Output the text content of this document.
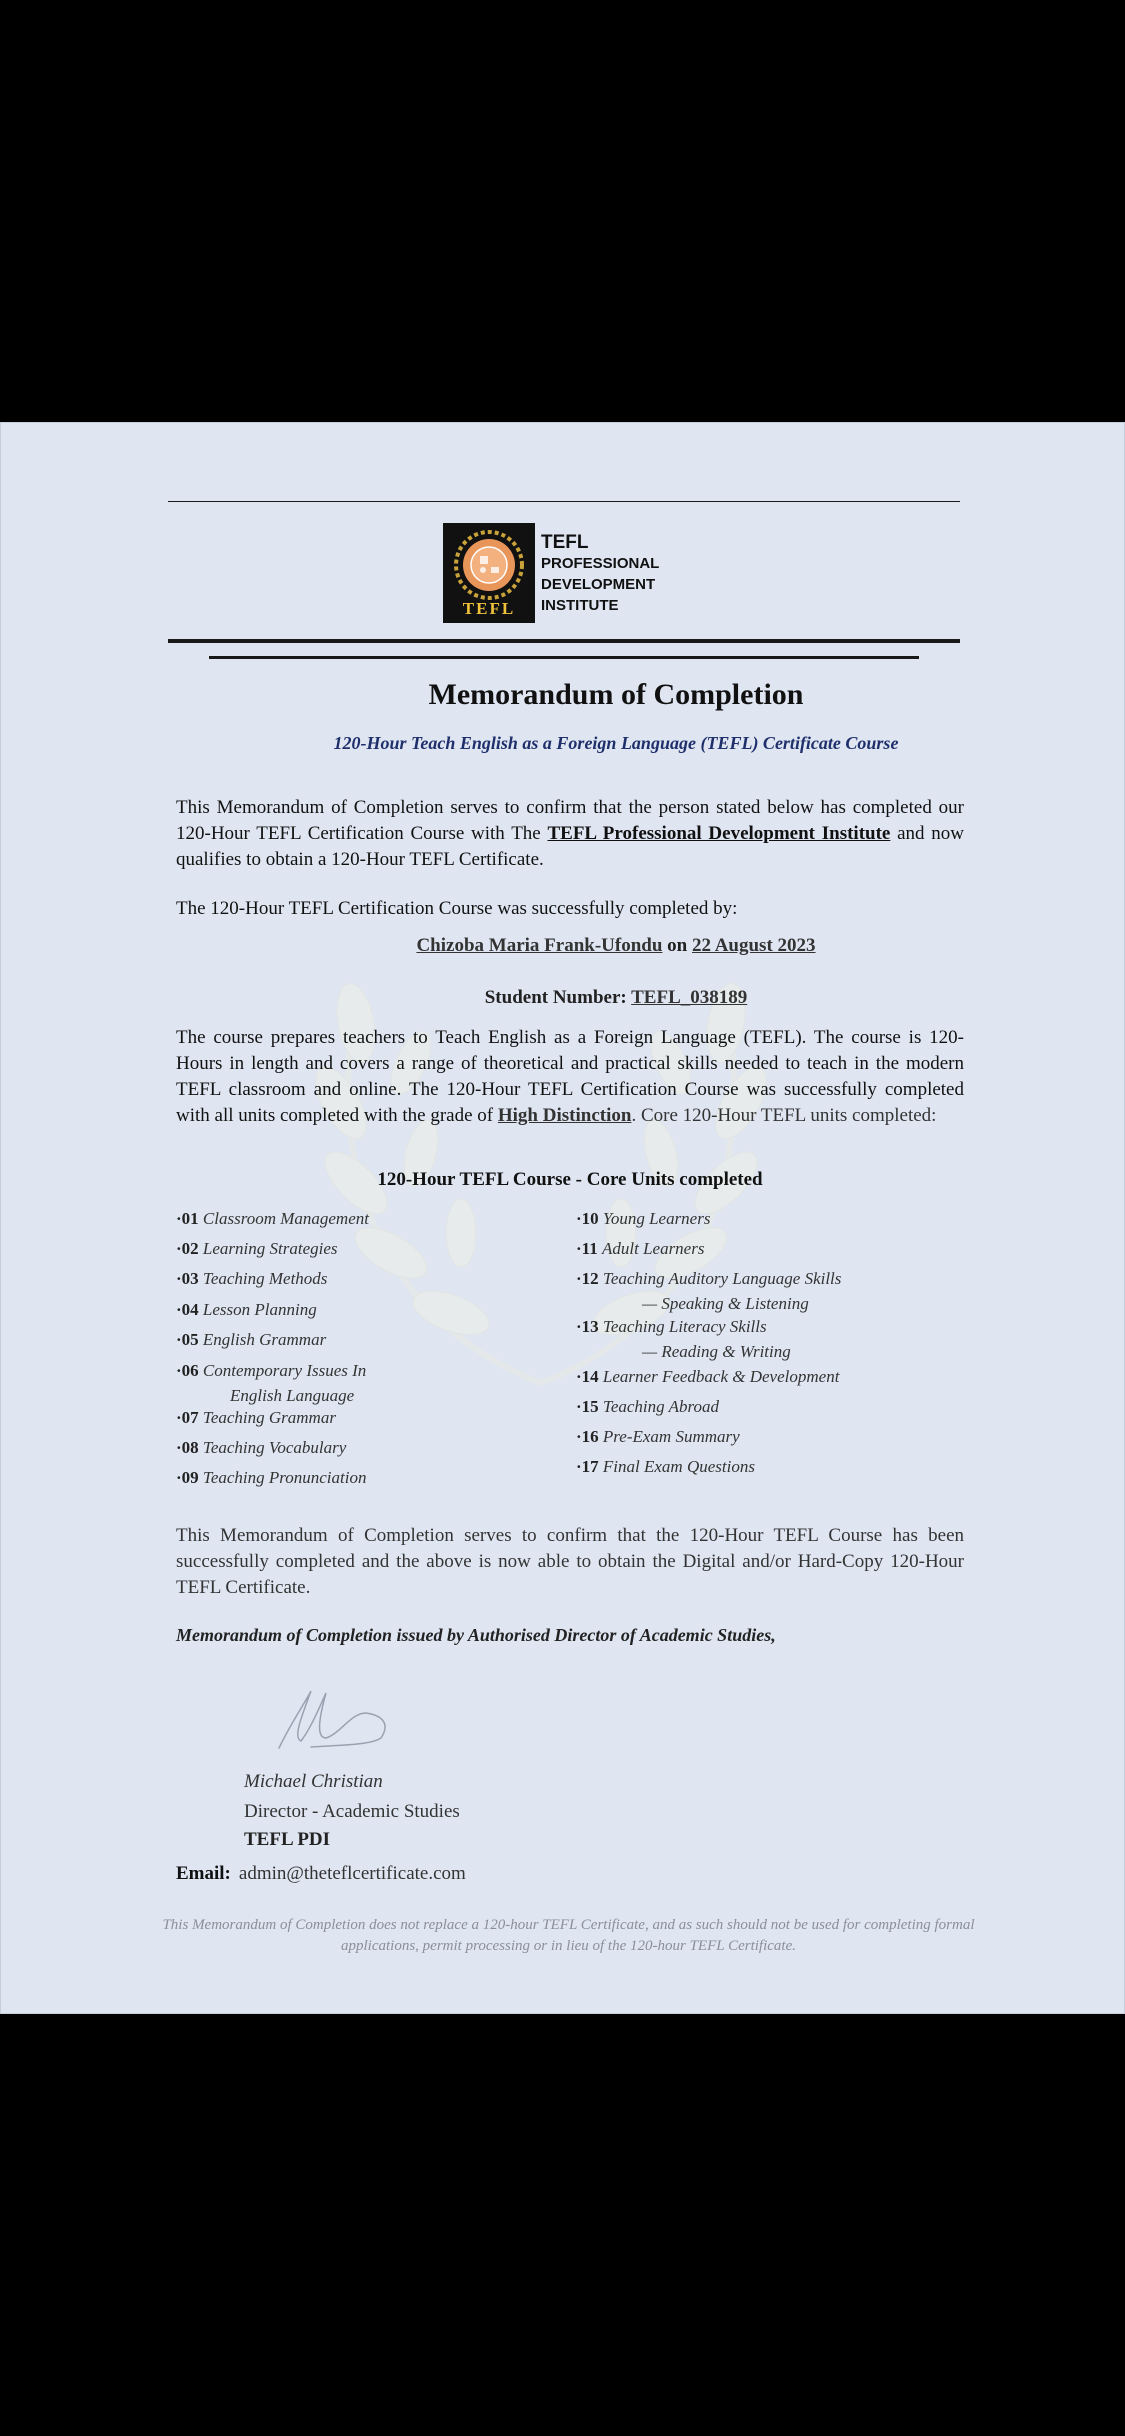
TEFL
TEFL
PROFESSIONAL
DEVELOPMENT
INSTITUTE
Memorandum of Completion
120-Hour Teach English as a Foreign Language (TEFL) Certificate Course
This Memorandum of Completion serves to confirm that the person stated below has completed our 120-Hour TEFL Certification Course with The TEFL Professional Development Institute and now qualifies to obtain a 120-Hour TEFL Certificate.
The 120-Hour TEFL Certification Course was successfully completed by:
Chizoba Maria Frank-Ufondu on 22 August 2023
Student Number: TEFL_038189
The course prepares teachers to Teach English as a Foreign Language (TEFL). The course is 120-Hours in length and covers a range of theoretical and practical skills needed to teach in the modern TEFL classroom and online. The 120-Hour TEFL Certification Course was successfully completed with all units completed with the grade of High Distinction. Core 120-Hour TEFL units completed:
120-Hour TEFL Course - Core Units completed
·01 Classroom Management
·02 Learning Strategies
·03 Teaching Methods
·04 Lesson Planning
·05 English Grammar
·06 Contemporary Issues In
English Language
·07 Teaching Grammar
·08 Teaching Vocabulary
·09 Teaching Pronunciation
·10 Young Learners
·11 Adult Learners
·12 Teaching Auditory Language Skills
— Speaking & Listening
·13 Teaching Literacy Skills
— Reading & Writing
·14 Learner Feedback & Development
·15 Teaching Abroad
·16 Pre-Exam Summary
·17 Final Exam Questions
This Memorandum of Completion serves to confirm that the 120-Hour TEFL Course has been successfully completed and the above is now able to obtain the Digital and/or Hard-Copy 120-Hour TEFL Certificate.
Memorandum of Completion issued by Authorised Director of Academic Studies,
Michael Christian
Director - Academic Studies
TEFL PDI
Email: admin@theteflcertificate.com
This Memorandum of Completion does not replace a 120-hour TEFL Certificate, and as such should not be used for completing formal applications, permit processing or in lieu of the 120-hour TEFL Certificate.
